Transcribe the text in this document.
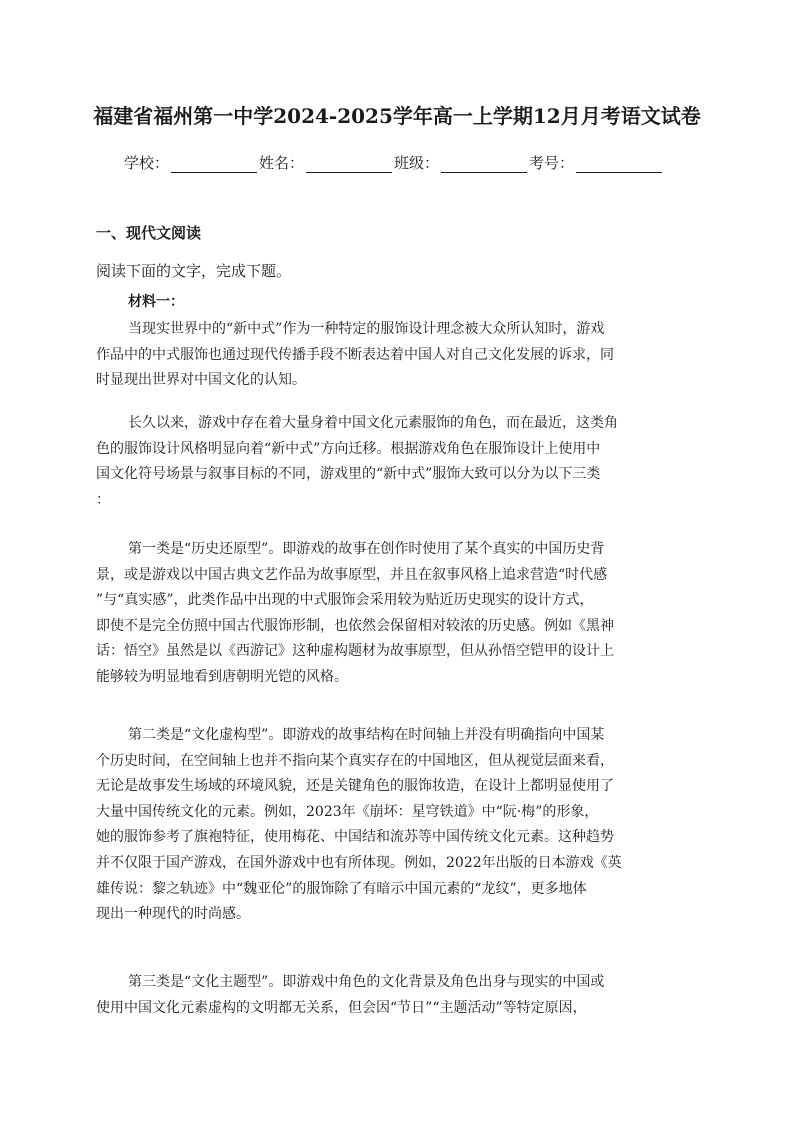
福建省福州第一中学2024-2025学年高一上学期12月月考语文试卷
学校：	姓名：	班级：	考号：
一、现代文阅读
阅读下面的文字，完成下题。
材料一：
当现实世界中的“新中式”作为一种特定的服饰设计理念被大众所认知时，游戏
作品中的中式服饰也通过现代传播手段不断表达着中国人对自己文化发展的诉求，同
时显现出世界对中国文化的认知。
长久以来，游戏中存在着大量身着中国文化元素服饰的角色，而在最近，这类角
色的服饰设计风格明显向着“新中式”方向迁移。根据游戏角色在服饰设计上使用中
国文化符号场景与叙事目标的不同，游戏里的“新中式”服饰大致可以分为以下三类
：
第一类是“历史还原型”。即游戏的故事在创作时使用了某个真实的中国历史背
景，或是游戏以中国古典文艺作品为故事原型，并且在叙事风格上追求营造“时代感
”与“真实感”，此类作品中出现的中式服饰会采用较为贴近历史现实的设计方式，
即使不是完全仿照中国古代服饰形制，也依然会保留相对较浓的历史感。例如《黑神
话：悟空》虽然是以《西游记》这种虚构题材为故事原型，但从孙悟空铠甲的设计上
能够较为明显地看到唐朝明光铠的风格。
第二类是“文化虚构型”。即游戏的故事结构在时间轴上并没有明确指向中国某
个历史时间，在空间轴上也并不指向某个真实存在的中国地区，但从视觉层面来看，
无论是故事发生场域的环境风貌，还是关键角色的服饰妆造，在设计上都明显使用了
大量中国传统文化的元素。例如，2023年《崩坏：星穹铁道》中“阮·梅”的形象，
她的服饰参考了旗袍特征，使用梅花、中国结和流苏等中国传统文化元素。这种趋势
并不仅限于国产游戏，在国外游戏中也有所体现。例如，2022年出版的日本游戏《英
雄传说：黎之轨迹》中“魏亚伦”的服饰除了有暗示中国元素的“龙纹”，更多地体
现出一种现代的时尚感。
第三类是“文化主题型”。即游戏中角色的文化背景及角色出身与现实的中国或
使用中国文化元素虚构的文明都无关系，但会因“节日”“主题活动”等特定原因，
